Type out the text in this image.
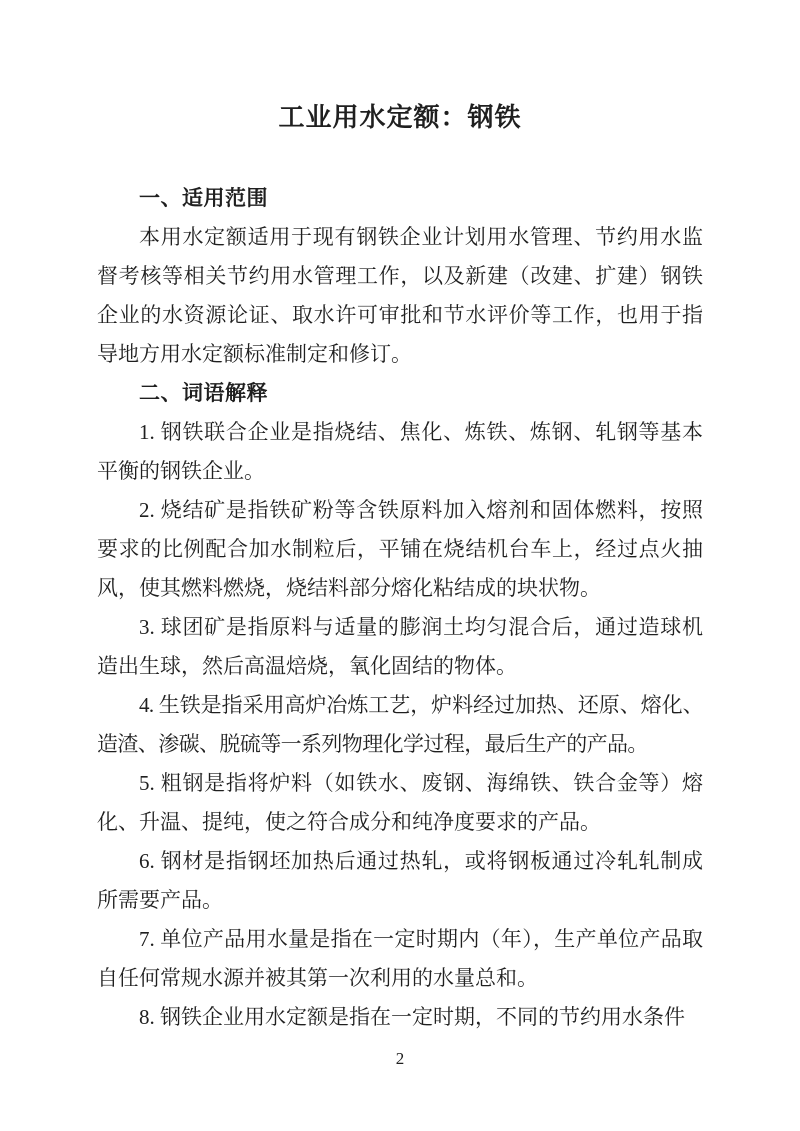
工业用水定额：钢铁
一、适用范围

本用水定额适用于现有钢铁企业计划用水管理、节约用水监督考核等相关节约用水管理工作，以及新建（改建、扩建）钢铁企业的水资源论证、取水许可审批和节水评价等工作，也用于指导地方用水定额标准制定和修订。

二、词语解释

1. 钢铁联合企业是指烧结、焦化、炼铁、炼钢、轧钢等基本平衡的钢铁企业。

2. 烧结矿是指铁矿粉等含铁原料加入熔剂和固体燃料，按照要求的比例配合加水制粒后，平铺在烧结机台车上，经过点火抽风，使其燃料燃烧，烧结料部分熔化粘结成的块状物。

3. 球团矿是指原料与适量的膨润土均匀混合后，通过造球机造出生球，然后高温焙烧，氧化固结的物体。

4. 生铁是指采用高炉冶炼工艺，炉料经过加热、还原、熔化、造渣、渗碳、脱硫等一系列物理化学过程，最后生产的产品。

5. 粗钢是指将炉料（如铁水、废钢、海绵铁、铁合金等）熔化、升温、提纯，使之符合成分和纯净度要求的产品。

6. 钢材是指钢坯加热后通过热轧，或将钢板通过冷轧轧制成所需要产品。

7. 单位产品用水量是指在一定时期内（年），生产单位产品取自任何常规水源并被其第一次利用的水量总和。

8. 钢铁企业用水定额是指在一定时期，不同的节约用水条件

2
